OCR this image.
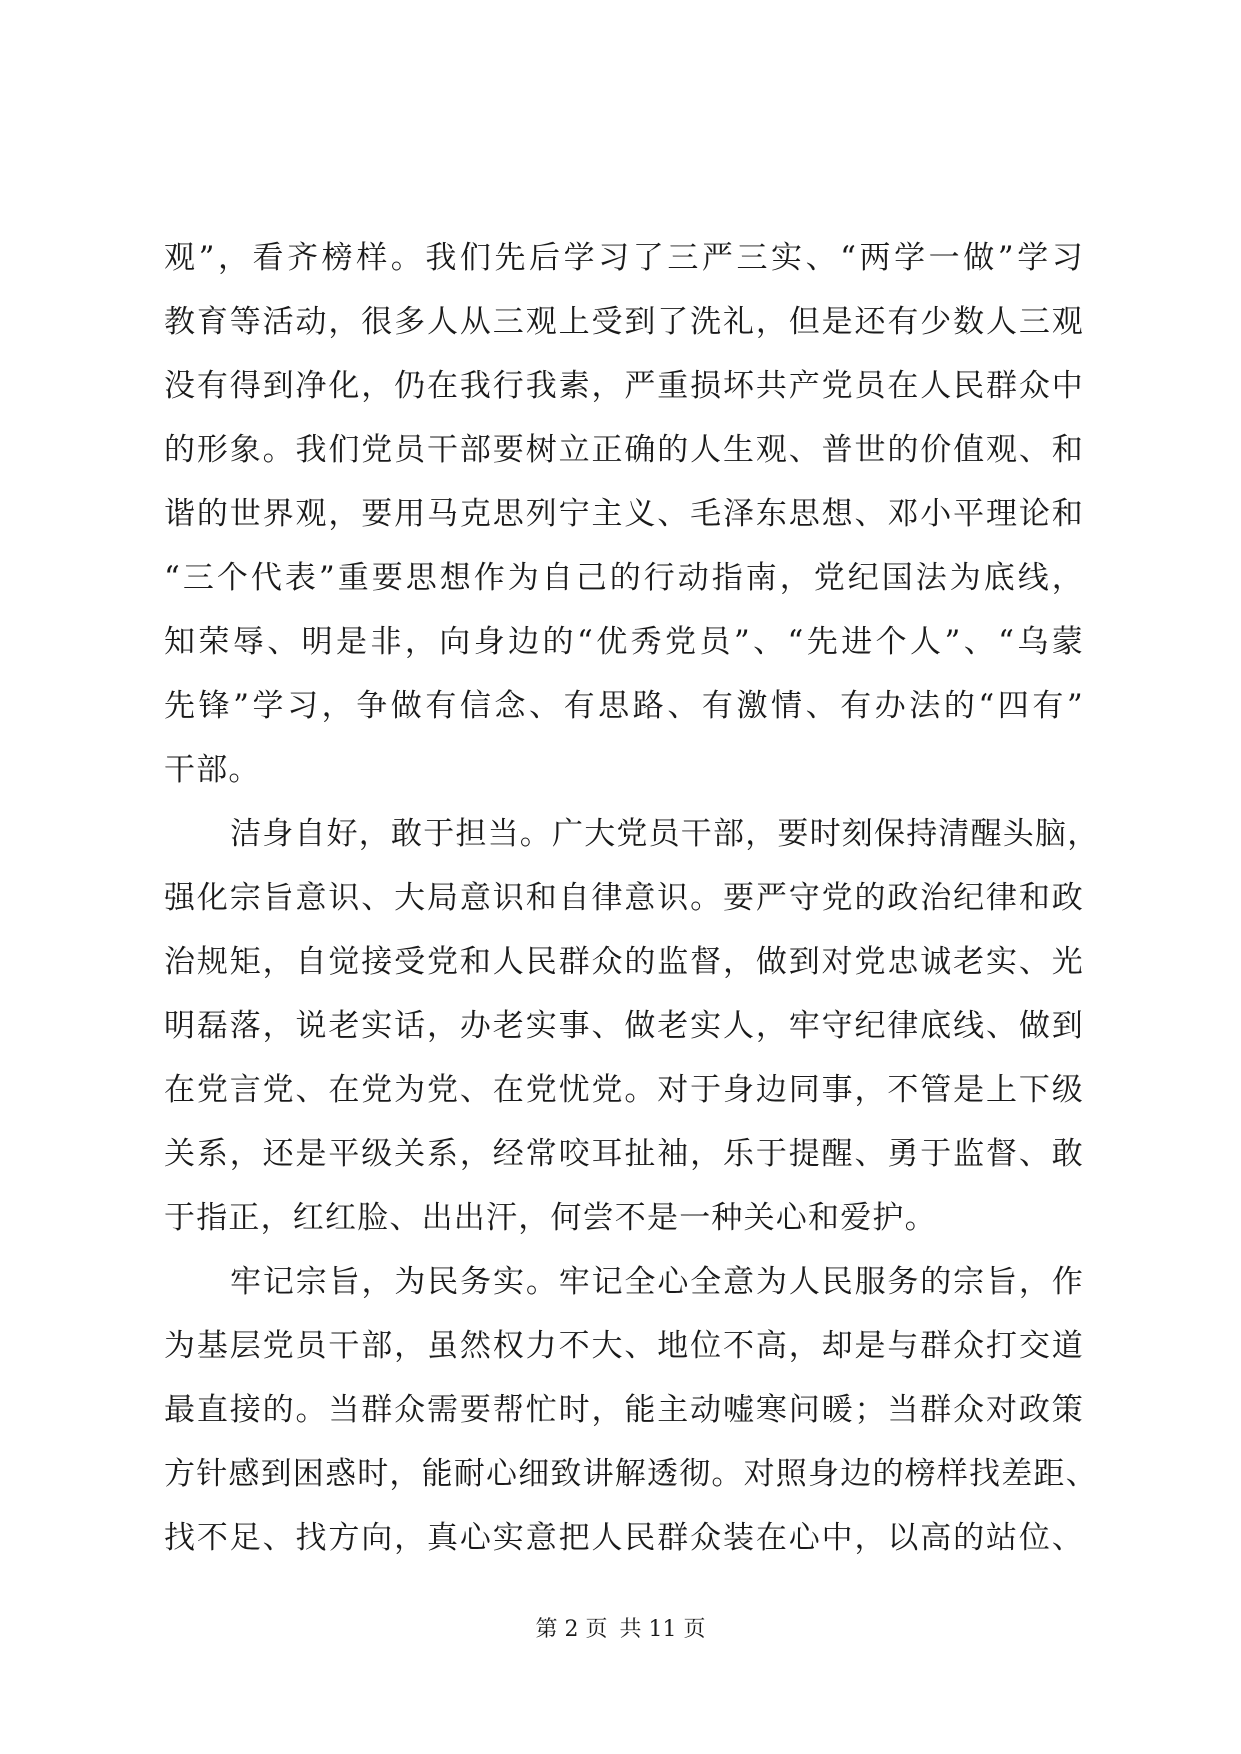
观”，看齐榜样。我们先后学习了三严三实、“两学一做”学习
教育等活动，很多人从三观上受到了洗礼，但是还有少数人三观
没有得到净化，仍在我行我素，严重损坏共产党员在人民群众中
的形象。我们党员干部要树立正确的人生观、普世的价值观、和
谐的世界观，要用马克思列宁主义、毛泽东思想、邓小平理论和
“三个代表”重要思想作为自己的行动指南，党纪国法为底线，
知荣辱、明是非，向身边的“优秀党员”、“先进个人”、“乌蒙
先锋”学习，争做有信念、有思路、有激情、有办法的“四有”
干部。
洁身自好，敢于担当。广大党员干部，要时刻保持清醒头脑，
强化宗旨意识、大局意识和自律意识。要严守党的政治纪律和政
治规矩，自觉接受党和人民群众的监督，做到对党忠诚老实、光
明磊落，说老实话，办老实事、做老实人，牢守纪律底线、做到
在党言党、在党为党、在党忧党。对于身边同事，不管是上下级
关系，还是平级关系，经常咬耳扯袖，乐于提醒、勇于监督、敢
于指正，红红脸、出出汗，何尝不是一种关心和爱护。
牢记宗旨，为民务实。牢记全心全意为人民服务的宗旨，作
为基层党员干部，虽然权力不大、地位不高，却是与群众打交道
最直接的。当群众需要帮忙时，能主动嘘寒问暖；当群众对政策
方针感到困惑时，能耐心细致讲解透彻。对照身边的榜样找差距、
找不足、找方向，真心实意把人民群众装在心中，以高的站位、
第 2 页 共 11 页
